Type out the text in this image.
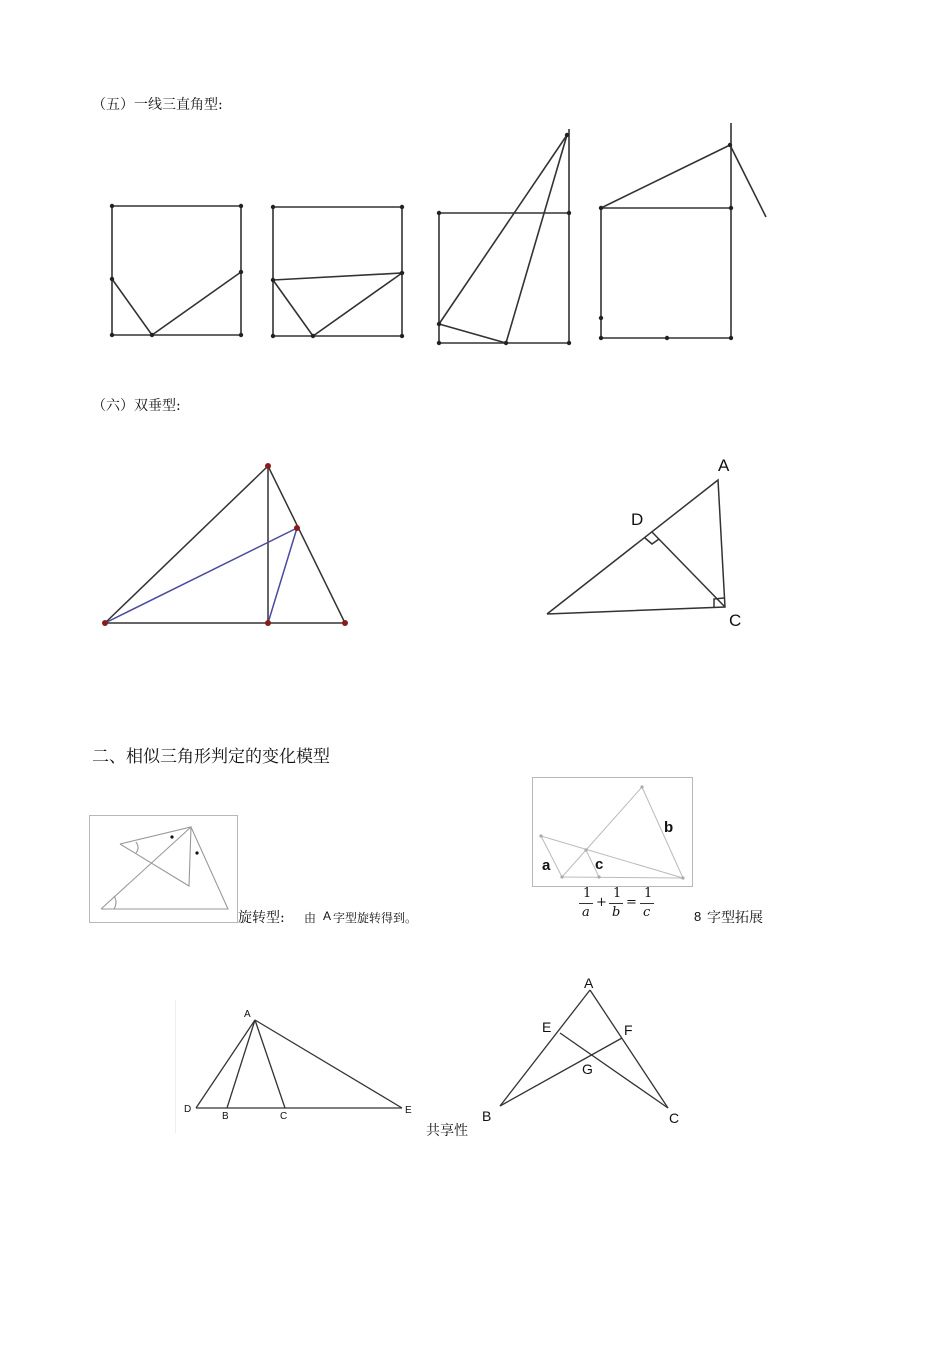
（五）一线三直角型:
（六）双垂型:
二、相似三角形判定的变化模型
A
D
C
旋转型: 由 A 字型旋转得到。
b
a	c
1
a
+
1
b
=
1
c	8 字型拓展
A
D
B	C
E
共享性
A
E	F
G
B	C
